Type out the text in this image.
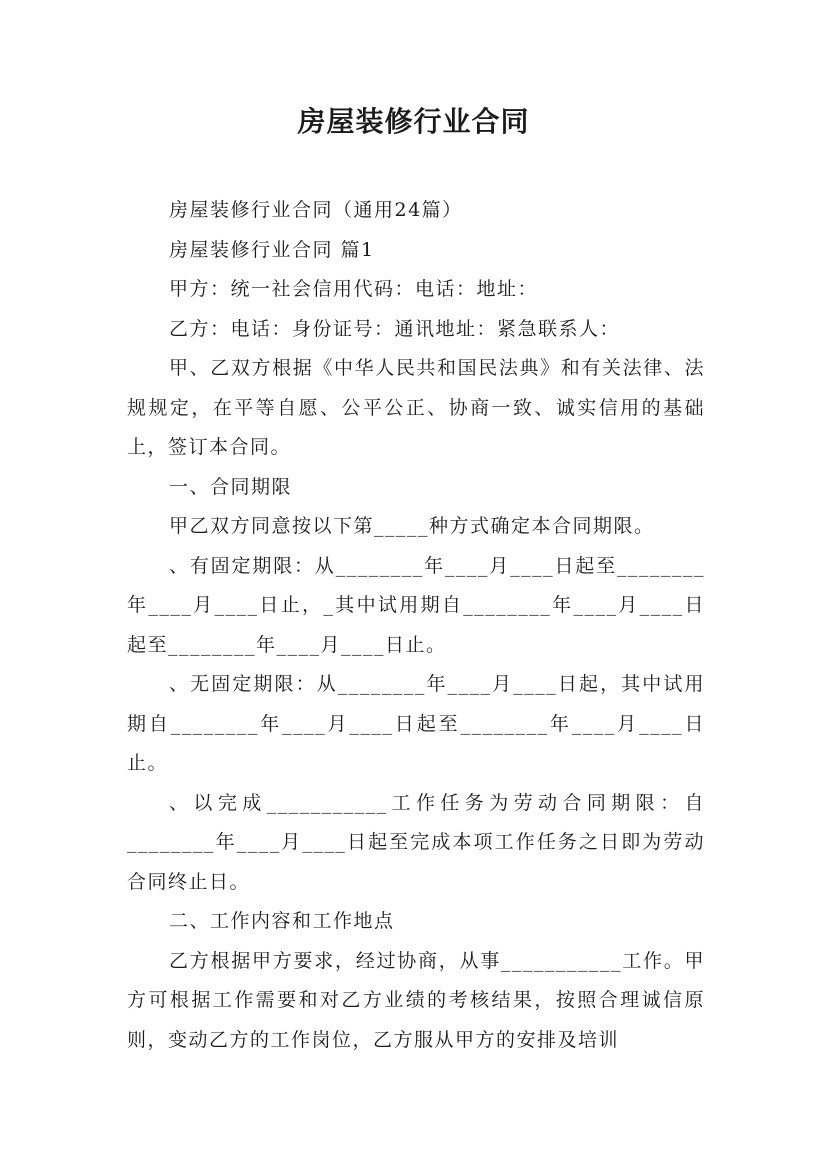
房屋装修行业合同

房屋装修行业合同（通用24篇）

房屋装修行业合同 篇1

甲方：统一社会信用代码：电话：地址：

乙方：电话：身份证号：通讯地址：紧急联系人：

甲、乙双方根据《中华人民共和国民法典》和有关法律、法规规定，在平等自愿、公平公正、协商一致、诚实信用的基础上，签订本合同。

一、合同期限

甲乙双方同意按以下第_____种方式确定本合同期限。

、有固定期限：从________年____月____日起至________年____月____日止，_其中试用期自________年____月____日起至________年____月____日止。

、无固定期限：从________年____月____日起，其中试用期自________年____月____日起至________年____月____日止。

、以完成___________工作任务为劳动合同期限：自________年____月____日起至完成本项工作任务之日即为劳动合同终止日。

二、工作内容和工作地点

乙方根据甲方要求，经过协商，从事___________工作。甲方可根据工作需要和对乙方业绩的考核结果，按照合理诚信原则，变动乙方的工作岗位，乙方服从甲方的安排及培训
